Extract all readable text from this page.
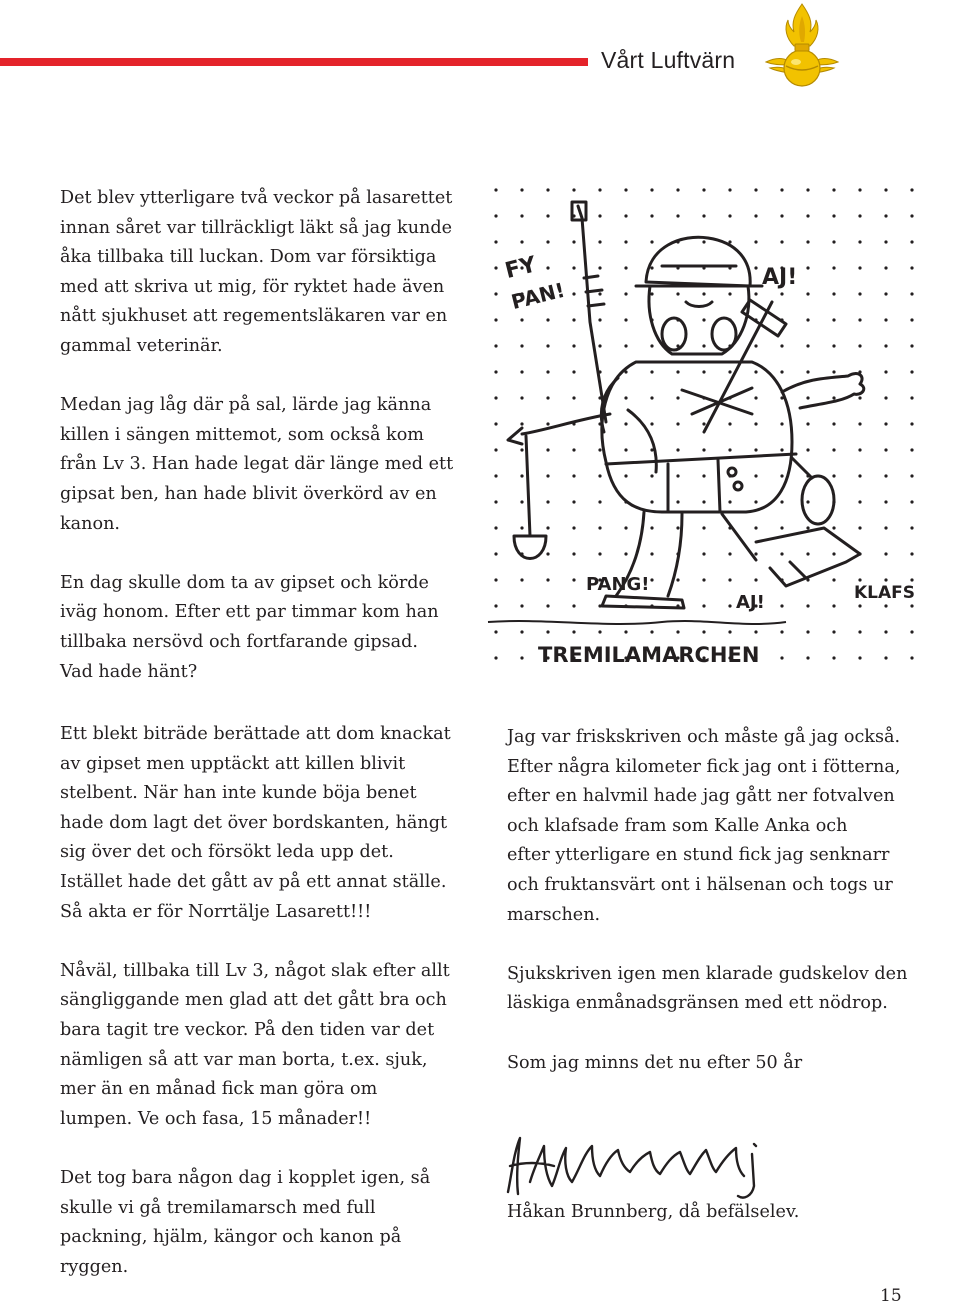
Vårt Luftvärn

Det blev ytterligare två veckor på lasarettet
innan såret var tillräckligt läkt så jag kunde
åka tillbaka till luckan. Dom var försiktiga
med att skriva ut mig, för ryktet hade även
nått sjukhuset att regementsläkaren var en
gammal veterinär.

Medan jag låg där på sal, lärde jag känna
killen i sängen mittemot, som också kom
från Lv 3. Han hade legat där länge med ett
gipsat ben, han hade blivit överkörd av en
kanon.

En dag skulle dom ta av gipset och körde
iväg honom. Efter ett par timmar kom han
tillbaka nersövd och fortfarande gipsad.
Vad hade hänt?

FY
PAN!
AJ!
PANG!
AJ!	KLAFS
TREMILAMARCHEN

Ett blekt biträde berättade att dom knackat
av gipset men upptäckt att killen blivit
stelbent. När han inte kunde böja benet
hade dom lagt det över bordskanten, hängt
sig över det och försökt leda upp det.
Istället hade det gått av på ett annat ställe.
Så akta er för Norrtälje Lasarett!!!

Nåväl, tillbaka till Lv 3, något slak efter allt
sängliggande men glad att det gått bra och
bara tagit tre veckor. På den tiden var det
nämligen så att var man borta, t.ex. sjuk,
mer än en månad fick man göra om
lumpen. Ve och fasa, 15 månader!!

Det tog bara någon dag i kopplet igen, så
skulle vi gå tremilamarsch med full
packning, hjälm, kängor och kanon på
ryggen.

Jag var friskskriven och måste gå jag också.
Efter några kilometer fick jag ont i fötterna,
efter en halvmil hade jag gått ner fotvalven
och klafsade fram som Kalle Anka och
efter ytterligare en stund fick jag senknarr
och fruktansvärt ont i hälsenan och togs ur
marschen.

Sjukskriven igen men klarade gudskelov den
läskiga enmånadsgränsen med ett nödrop.

Som jag minns det nu efter 50 år

Håkan Brunnberg, då befälselev.
15
